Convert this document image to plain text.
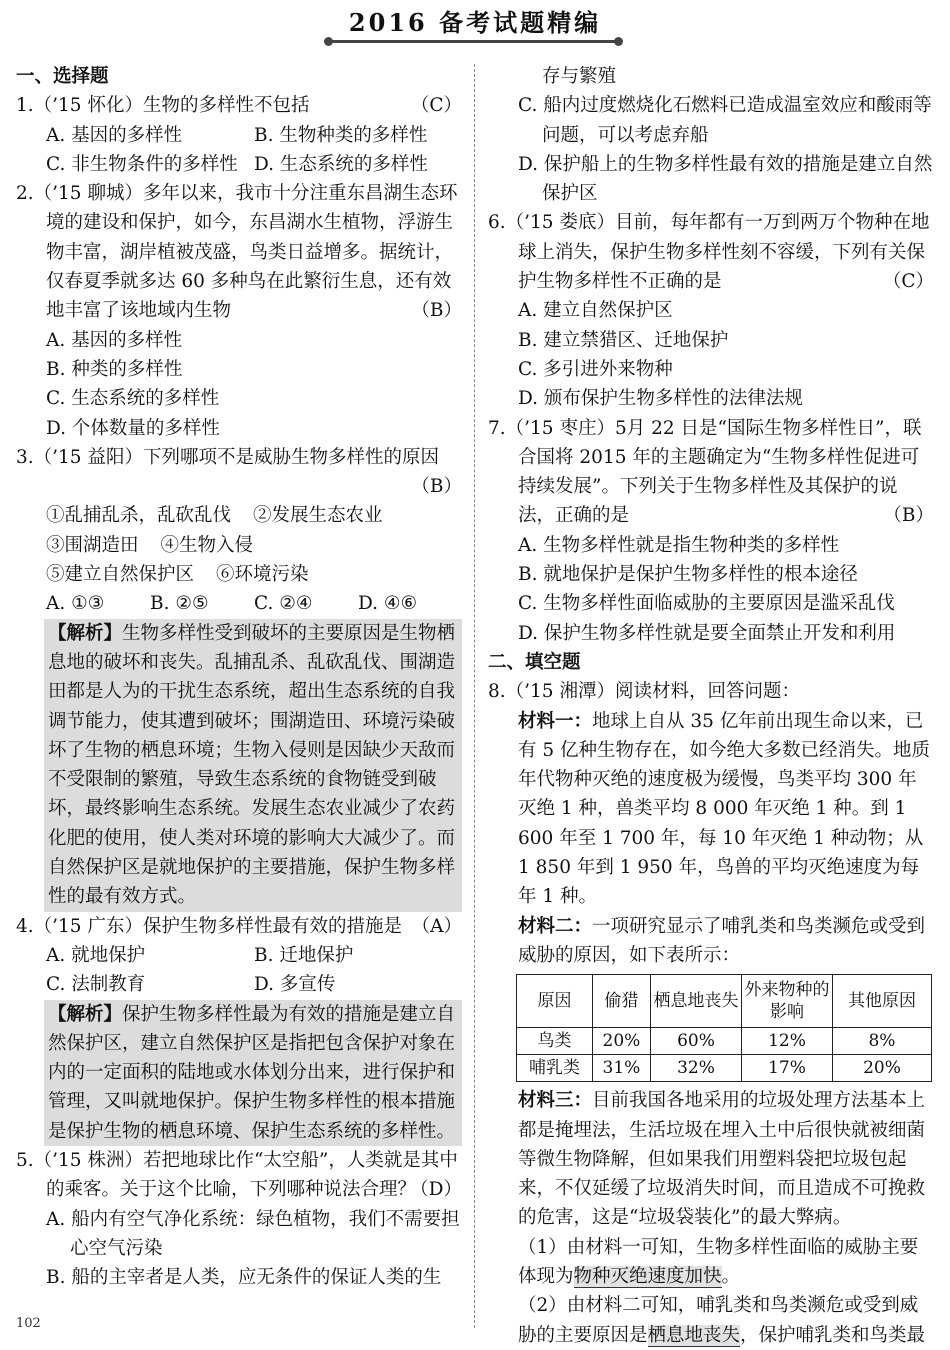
2016 备考试题精编
一、选择题
1.（’15 怀化）生物的多样性不包括	（C）
A. 基因的多样性	B. 生物种类的多样性
C. 非生物条件的多样性 D. 生态系统的多样性
2.（’15 聊城）多年以来，我市十分注重东昌湖生态环境的建设和保护，如今，东昌湖水生植物，浮游生物丰富，湖岸植被茂盛，鸟类日益增多。据统计，仅春夏季就多达 60 多种鸟在此繁衍生息，还有效地丰富了该地域内生物	（B）
A. 基因的多样性
B. 种类的多样性
C. 生态系统的多样性
D. 个体数量的多样性
3.（’15 益阳）下列哪项不是威胁生物多样性的原因
（B）
①乱捕乱杀，乱砍乱伐 ②发展生态农业
③围湖造田 ④生物入侵
⑤建立自然保护区 ⑥环境污染
A. ①③	B. ②⑤	C. ②④	D. ④⑥
【解析】生物多样性受到破坏的主要原因是生物栖息地的破坏和丧失。乱捕乱杀、乱砍乱伐、围湖造田都是人为的干扰生态系统，超出生态系统的自我调节能力，使其遭到破坏；围湖造田、环境污染破坏了生物的栖息环境；生物入侵则是因缺少天敌而不受限制的繁殖，导致生态系统的食物链受到破坏，最终影响生态系统。发展生态农业减少了农药化肥的使用，使人类对环境的影响大大减少了。而自然保护区是就地保护的主要措施，保护生物多样性的最有效方式。
4.（’15 广东）保护生物多样性最有效的措施是 （A）
A. 就地保护	B. 迁地保护
C. 法制教育	D. 多宣传
【解析】保护生物多样性最为有效的措施是建立自然保护区，建立自然保护区是指把包含保护对象在内的一定面积的陆地或水体划分出来，进行保护和管理，又叫就地保护。保护生物多样性的根本措施是保护生物的栖息环境、保护生态系统的多样性。
5.（’15 株洲）若把地球比作“太空船”，人类就是其中的乘客。关于这个比喻，下列哪种说法合理？
（D）
A. 船内有空气净化系统：绿色植物，我们不需要担心空气污染
B. 船的主宰者是人类，应无条件的保证人类的生
存与繁殖
C. 船内过度燃烧化石燃料已造成温室效应和酸雨等问题，可以考虑弃船
D. 保护船上的生物多样性最有效的措施是建立自然保护区
6.（’15 娄底）目前，每年都有一万到两万个物种在地球上消失，保护生物多样性刻不容缓，下列有关保护生物多样性不正确的是	（C）
A. 建立自然保护区
B. 建立禁猎区、迁地保护
C. 多引进外来物种
D. 颁布保护生物多样性的法律法规
7.（’15 枣庄）5月 22 日是“国际生物多样性日”，联合国将 2015 年的主题确定为“生物多样性促进可持续发展”。下列关于生物多样性及其保护的说法，正确的是	（B）
A. 生物多样性就是指生物种类的多样性
B. 就地保护是保护生物多样性的根本途径
C. 生物多样性面临威胁的主要原因是滥采乱伐
D. 保护生物多样性就是要全面禁止开发和利用
二、填空题
8.（’15 湘潭）阅读材料，回答问题：
材料一：地球上自从 35 亿年前出现生命以来，已有 5 亿种生物存在，如今绝大多数已经消失。地质年代物种灭绝的速度极为缓慢，鸟类平均 300 年灭绝 1 种，兽类平均 8 000 年灭绝 1 种。到 1 600 年至 1 700 年，每 10 年灭绝 1 种动物；从 1 850 年到 1 950 年，鸟兽的平均灭绝速度为每年 1 种。
材料二：一项研究显示了哺乳类和鸟类濒危或受到威胁的原因，如下表所示：
原因	偷猎	栖息地丧失	外来物种的影响	其他原因
鸟类	20%	60%	12%	8%
哺乳类	31%	32%	17%	20%
材料三：目前我国各地采用的垃圾处理方法基本上都是掩埋法，生活垃圾在埋入土中后很快就被细菌等微生物降解，但如果我们用塑料袋把垃圾包起来，不仅延缓了垃圾消失时间，而且造成不可挽救的危害，这是“垃圾袋装化”的最大弊病。
（1）由材料一可知，生物多样性面临的威胁主要体现为物种灭绝速度加快。
（2）由材料二可知，哺乳类和鸟类濒危或受到威胁的主要原因是栖息地丧失，保护哺乳类和鸟类最
102
